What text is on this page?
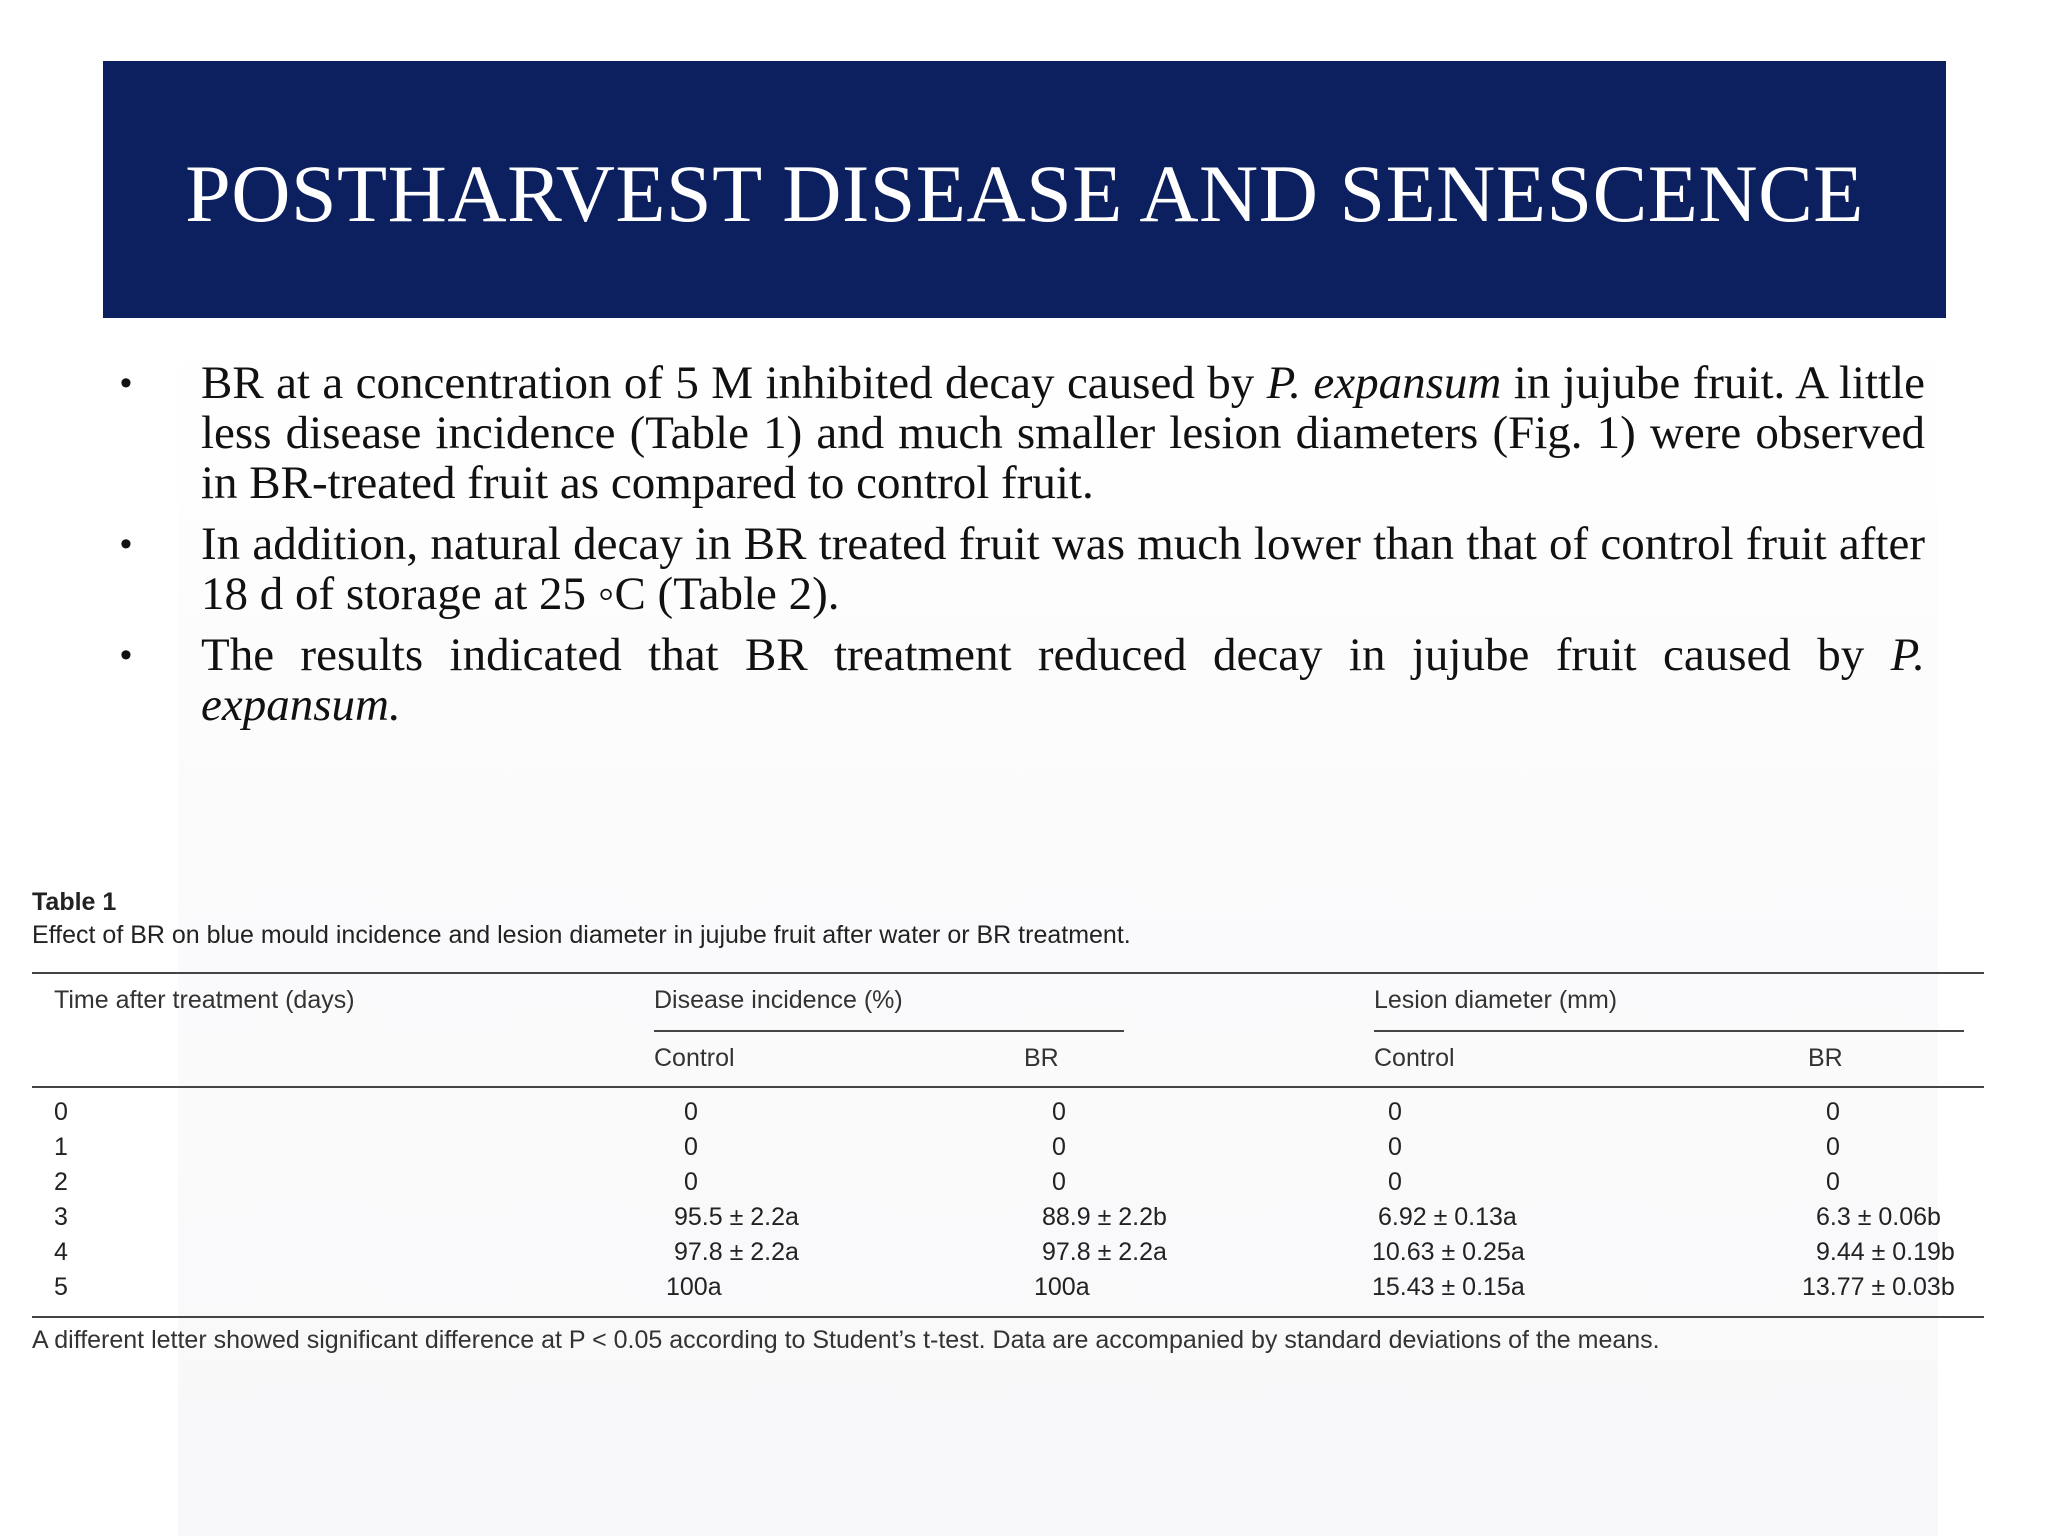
POSTHARVEST DISEASE AND SENESCENCE
•	BR at a concentration of 5 M inhibited decay caused by P. expansum in jujube fruit. A little less disease incidence (Table 1) and much smaller lesion diameters (Fig. 1) were observed in BR-treated fruit as compared to control fruit.
•	In addition, natural decay in BR treated fruit was much lower than that of control fruit after 18 d of storage at 25 ◦C (Table 2).
•	The results indicated that BR treatment reduced decay in jujube fruit caused by P. expansum.
Table 1
Effect of BR on blue mould incidence and lesion diameter in jujube fruit after water or BR treatment.
Time after treatment (days)	Disease incidence (%)	Lesion diameter (mm)
Control	BR	Control	BR
0	0	0	0	0
1	0	0	0	0
2	0	0	0	0
3	95.5 ± 2.2a	88.9 ± 2.2b	6.92 ± 0.13a	6.3 ± 0.06b
4	97.8 ± 2.2a	97.8 ± 2.2a	10.63 ± 0.25a	9.44 ± 0.19b
5	100a	100a	15.43 ± 0.15a	13.77 ± 0.03b
A different letter showed significant difference at P < 0.05 according to Student’s t-test. Data are accompanied by standard deviations of the means.
